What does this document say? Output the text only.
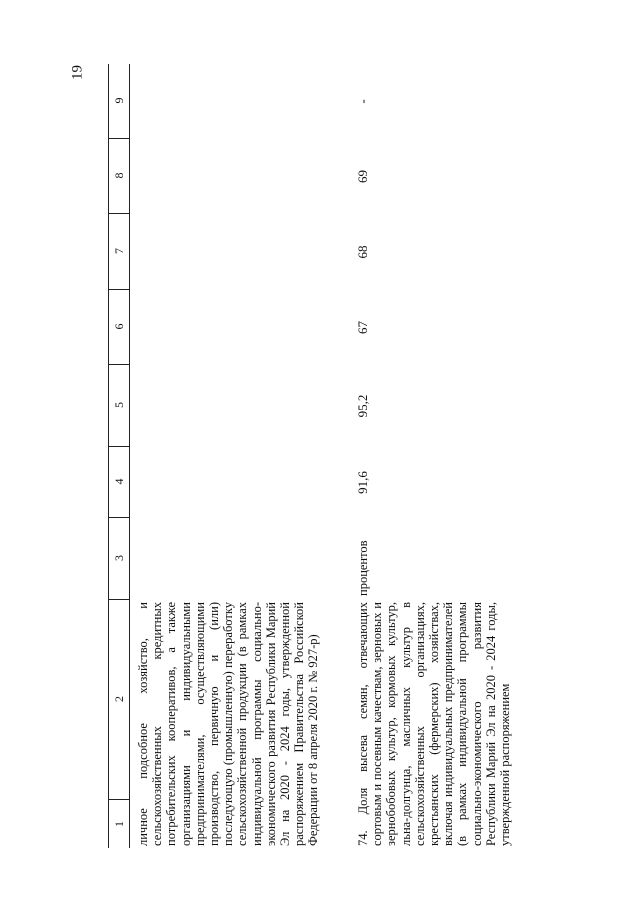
19
1
2
3
4
5
6
7
8
9
личное подсобное хозяйство, и сельскохозяйственных кредитных потребительских кооперативов, а также организациями и индивидуальными предпринимателями, осуществляющими производство, первичную и (или) последующую (промышленную) переработку сельскохозяйственной продукции (в рамках индивидуальной программы социально-экономического развития Республики Марий Эл на 2020 - 2024 годы, утвержденной распоряжением Правительства Российской Федерации от 8 апреля 2020 г. № 927-р)	74. Доля высева семян, отвечающих сортовым и посевным качествам, зерновых и зернобобовых культур, кормовых культур, льна-долгунца, масличных культур в сельскохозяйственных организациях, крестьянских (фермерских) хозяйствах, включая индивидуальных предпринимателей (в рамках индивидуальной программы социально-экономического развития Республики Марий Эл на 2020 - 2024 годы, утвержденной распоряжением
процентов
91,6
95,2
67
68
69
-
